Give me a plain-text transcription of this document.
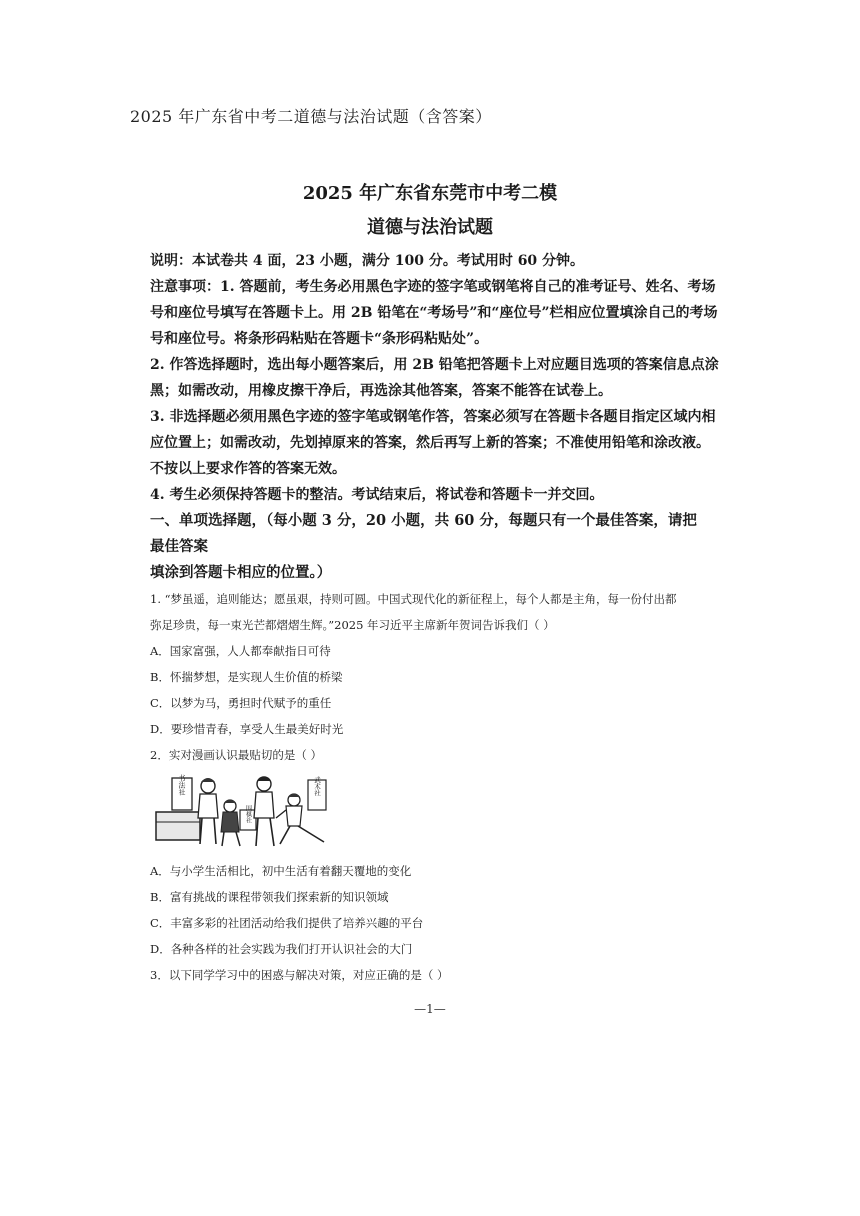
2025 年广东省中考二道德与法治试题（含答案）

2025 年广东省东莞市中考二模

道德与法治试题

说明：本试卷共 4 面，23 小题，满分 100 分。考试用时 60 分钟。

注意事项：1. 答题前，考生务必用黑色字迹的签字笔或钢笔将自己的准考证号、姓名、考场

号和座位号填写在答题卡上。用 2B 铅笔在“考场号”和“座位号”栏相应位置填涂自己的考场

号和座位号。将条形码粘贴在答题卡“条形码粘贴处”。

2. 作答选择题时，选出每小题答案后，用 2B 铅笔把答题卡上对应题目选项的答案信息点涂

黑；如需改动，用橡皮擦干净后，再选涂其他答案，答案不能答在试卷上。

3. 非选择题必须用黑色字迹的签字笔或钢笔作答，答案必须写在答题卡各题目指定区域内相

应位置上；如需改动，先划掉原来的答案，然后再写上新的答案；不准使用铅笔和涂改液。

不按以上要求作答的答案无效。

4. 考生必须保持答题卡的整洁。考试结束后，将试卷和答题卡一并交回。

一、单项选择题，（每小题 3 分，20 小题，共 60 分，每题只有一个最佳答案，请把最佳答案

填涂到答题卡相应的位置。）

1. “梦虽遥，追则能达；愿虽艰，持则可圆。中国式现代化的新征程上，每个人都是主角，每一份付出都

弥足珍贵，每一束光芒都熠熠生辉。”2025 年习近平主席新年贺词告诉我们（ ）

A．国家富强，人人都奉献指日可待

B．怀揣梦想，是实现人生价值的桥梁

C．以梦为马，勇担时代赋予的重任

D．要珍惜青春，享受人生最美好时光

2．实对漫画认识最贴切的是（ ）

书法社
围棋社
武术社

A．与小学生活相比，初中生活有着翻天覆地的变化

B．富有挑战的课程带领我们探索新的知识领域

C．丰富多彩的社团活动给我们提供了培养兴趣的平台

D．各种各样的社会实践为我们打开认识社会的大门

3．以下同学学习中的困惑与解决对策，对应正确的是（ ）

—1—
